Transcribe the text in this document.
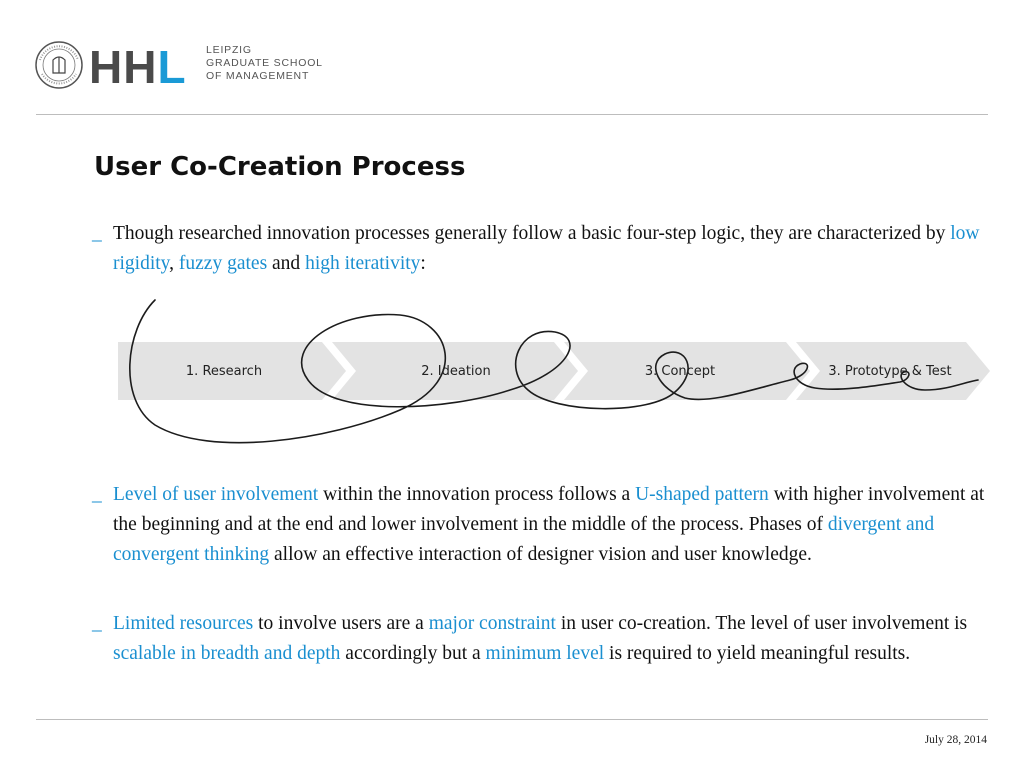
HHL LEIPZIG
GRADUATE SCHOOL
OF MANAGEMENT
User Co-Creation Process
_ Though researched innovation processes generally follow a basic four-step logic, they are characterized by low rigidity, fuzzy gates and high iterativity:
1. Research	2. Ideation	3. Concept	3. Prototype & Test
_ Level of user involvement within the innovation process follows a U-shaped pattern with higher involvement at the beginning and at the end and lower involvement in the middle of the process. Phases of divergent and convergent thinking allow an effective interaction of designer vision and user knowledge.
_ Limited resources to involve users are a major constraint in user co-creation. The level of user involvement is scalable in breadth and depth accordingly but a minimum level is required to yield meaningful results.
July 28, 2014
